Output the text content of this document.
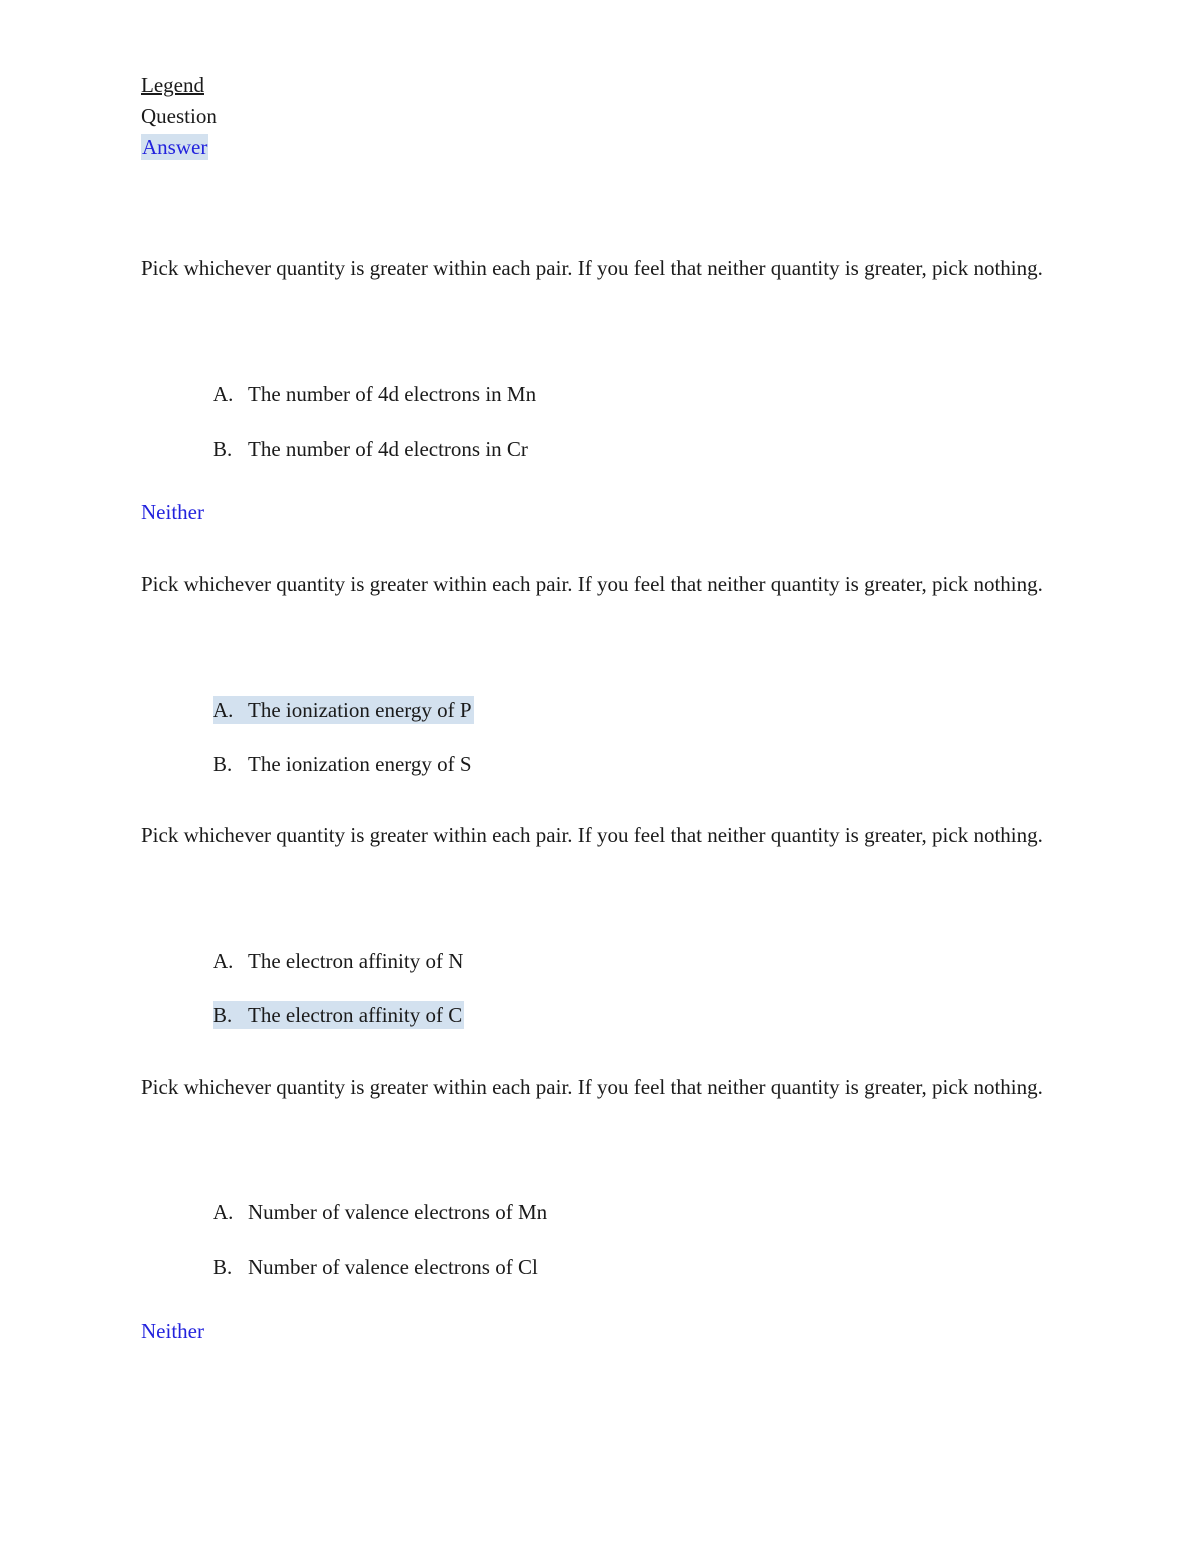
Legend
Question
Answer
Pick whichever quantity is greater within each pair. If you feel that neither quantity is greater, pick nothing.
A. The number of 4d electrons in Mn
B. The number of 4d electrons in Cr
Neither
Pick whichever quantity is greater within each pair. If you feel that neither quantity is greater, pick nothing.
A. The ionization energy of P
B. The ionization energy of S
Pick whichever quantity is greater within each pair. If you feel that neither quantity is greater, pick nothing.
A. The electron affinity of N
B. The electron affinity of C
Pick whichever quantity is greater within each pair. If you feel that neither quantity is greater, pick nothing.
A. Number of valence electrons of Mn
B. Number of valence electrons of Cl
Neither
